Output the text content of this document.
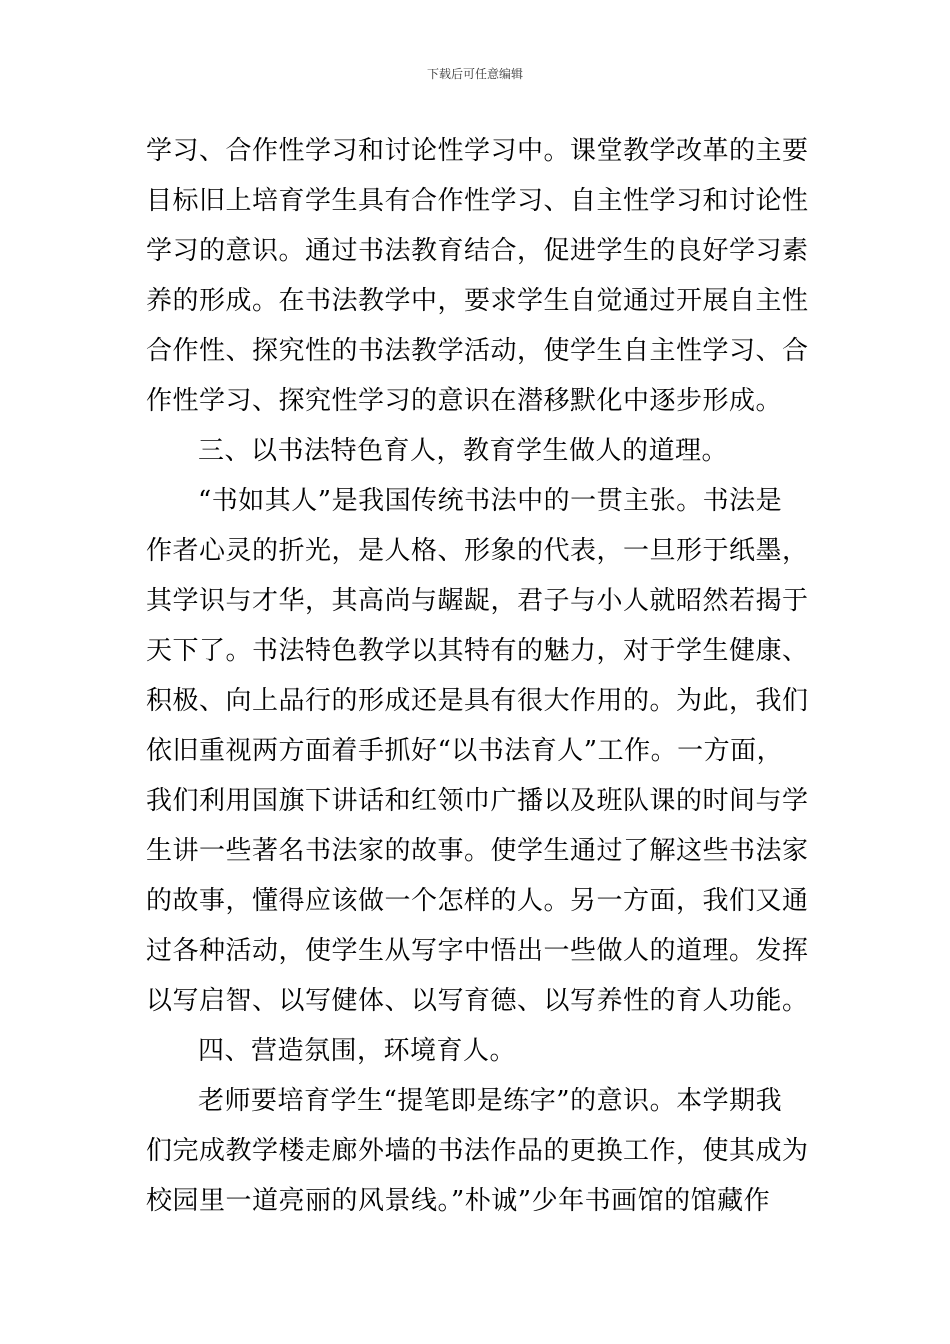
下载后可任意编辑
学习、合作性学习和讨论性学习中。课堂教学改革的主要
目标旧上培育学生具有合作性学习、自主性学习和讨论性
学习的意识。通过书法教育结合，促进学生的良好学习素
养的形成。在书法教学中，要求学生自觉通过开展自主性
合作性、探究性的书法教学活动，使学生自主性学习、合
作性学习、探究性学习的意识在潜移默化中逐步形成。
三、以书法特色育人，教育学生做人的道理。
“书如其人”是我国传统书法中的一贯主张。书法是
作者心灵的折光，是人格、形象的代表，一旦形于纸墨，
其学识与才华，其高尚与龌龊，君子与小人就昭然若揭于
天下了。书法特色教学以其特有的魅力，对于学生健康、
积极、向上品行的形成还是具有很大作用的。为此，我们
依旧重视两方面着手抓好“以书法育人”工作。一方面，
我们利用国旗下讲话和红领巾广播以及班队课的时间与学
生讲一些著名书法家的故事。使学生通过了解这些书法家
的故事，懂得应该做一个怎样的人。另一方面，我们又通
过各种活动，使学生从写字中悟出一些做人的道理。发挥
以写启智、以写健体、以写育德、以写养性的育人功能。
四、营造氛围，环境育人。
老师要培育学生“提笔即是练字”的意识。本学期我
们完成教学楼走廊外墙的书法作品的更换工作，使其成为
校园里一道亮丽的风景线。”朴诚”少年书画馆的馆藏作
